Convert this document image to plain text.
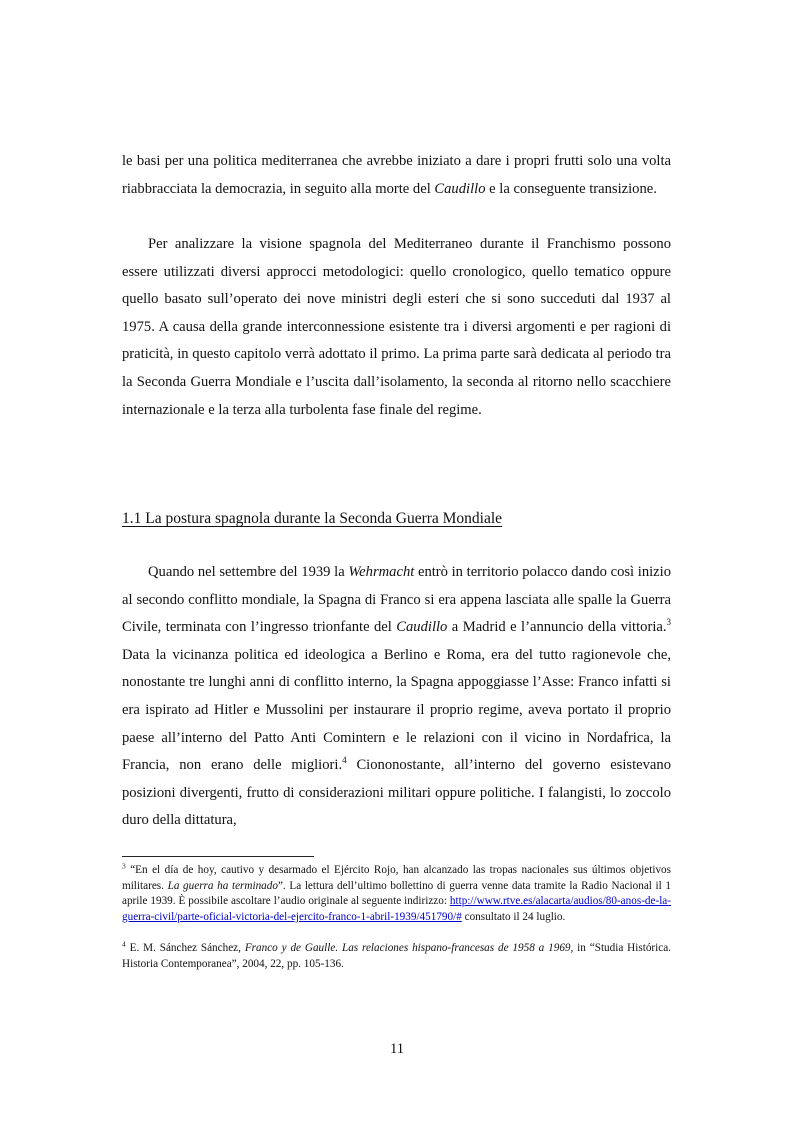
le basi per una politica mediterranea che avrebbe iniziato a dare i propri frutti solo una volta riabbracciata la democrazia, in seguito alla morte del Caudillo e la conseguente transizione.

Per analizzare la visione spagnola del Mediterraneo durante il Franchismo possono essere utilizzati diversi approcci metodologici: quello cronologico, quello tematico oppure quello basato sull’operato dei nove ministri degli esteri che si sono succeduti dal 1937 al 1975. A causa della grande interconnessione esistente tra i diversi argomenti e per ragioni di praticità, in questo capitolo verrà adottato il primo. La prima parte sarà dedicata al periodo tra la Seconda Guerra Mondiale e l’uscita dall’isolamento, la seconda al ritorno nello scacchiere internazionale e la terza alla turbolenta fase finale del regime.

1.1 La postura spagnola durante la Seconda Guerra Mondiale

Quando nel settembre del 1939 la Wehrmacht entrò in territorio polacco dando così inizio al secondo conflitto mondiale, la Spagna di Franco si era appena lasciata alle spalle la Guerra Civile, terminata con l’ingresso trionfante del Caudillo a Madrid e l’annuncio della vittoria.$^3$ Data la vicinanza politica ed ideologica a Berlino e Roma, era del tutto ragionevole che, nonostante tre lunghi anni di conflitto interno, la Spagna appoggiasse l’Asse: Franco infatti si era ispirato ad Hitler e Mussolini per instaurare il proprio regime, aveva portato il proprio paese all’interno del Patto Anti Comintern e le relazioni con il vicino in Nordafrica, la Francia, non erano delle migliori.$^4$ Ciononostante, all’interno del governo esistevano posizioni divergenti, frutto di considerazioni militari oppure politiche. I falangisti, lo zoccolo duro della dittatura,

$^3$ “En el día de hoy, cautivo y desarmado el Ejército Rojo, han alcanzado las tropas nacionales sus últimos objetivos militares. La guerra ha terminado”. La lettura dell’ultimo bollettino di guerra venne data tramite la Radio Nacional il 1 aprile 1939. È possibile ascoltare l’audio originale al seguente indirizzo: http://www.rtve.es/alacarta/audios/80-anos-de-la-guerra-civil/parte-oficial-victoria-del-ejercito-franco-1-abril-1939/451790/# consultato il 24 luglio.

$^4$ E. M. Sánchez Sánchez, Franco y de Gaulle. Las relaciones hispano-francesas de 1958 a 1969, in “Studia Histórica. Historia Contemporanea”, 2004, 22, pp. 105-136.

11
